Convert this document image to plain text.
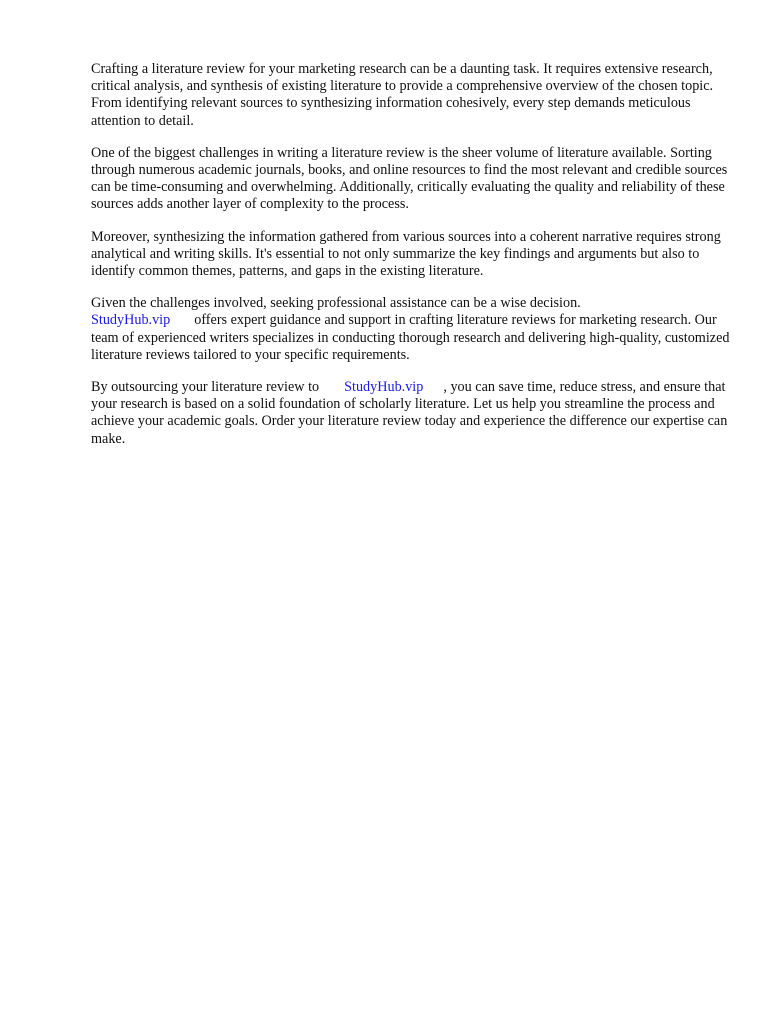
Crafting a literature review for your marketing research can be a daunting task. It requires extensive research, critical analysis, and synthesis of existing literature to provide a comprehensive overview of the chosen topic. From identifying relevant sources to synthesizing information cohesively, every step demands meticulous attention to detail.

One of the biggest challenges in writing a literature review is the sheer volume of literature available. Sorting through numerous academic journals, books, and online resources to find the most relevant and credible sources can be time-consuming and overwhelming. Additionally, critically evaluating the quality and reliability of these sources adds another layer of complexity to the process.

Moreover, synthesizing the information gathered from various sources into a coherent narrative requires strong analytical and writing skills. It's essential to not only summarize the key findings and arguments but also to identify common themes, patterns, and gaps in the existing literature.

Given the challenges involved, seeking professional assistance can be a wise decision.
StudyHub.vip offers expert guidance and support in crafting literature reviews for marketing research. Our team of experienced writers specializes in conducting thorough research and delivering high-quality, customized literature reviews tailored to your specific requirements.

By outsourcing your literature review to StudyHub.vip , you can save time, reduce stress, and ensure that your research is based on a solid foundation of scholarly literature. Let us help you streamline the process and achieve your academic goals. Order your literature review today and experience the difference our expertise can make.
